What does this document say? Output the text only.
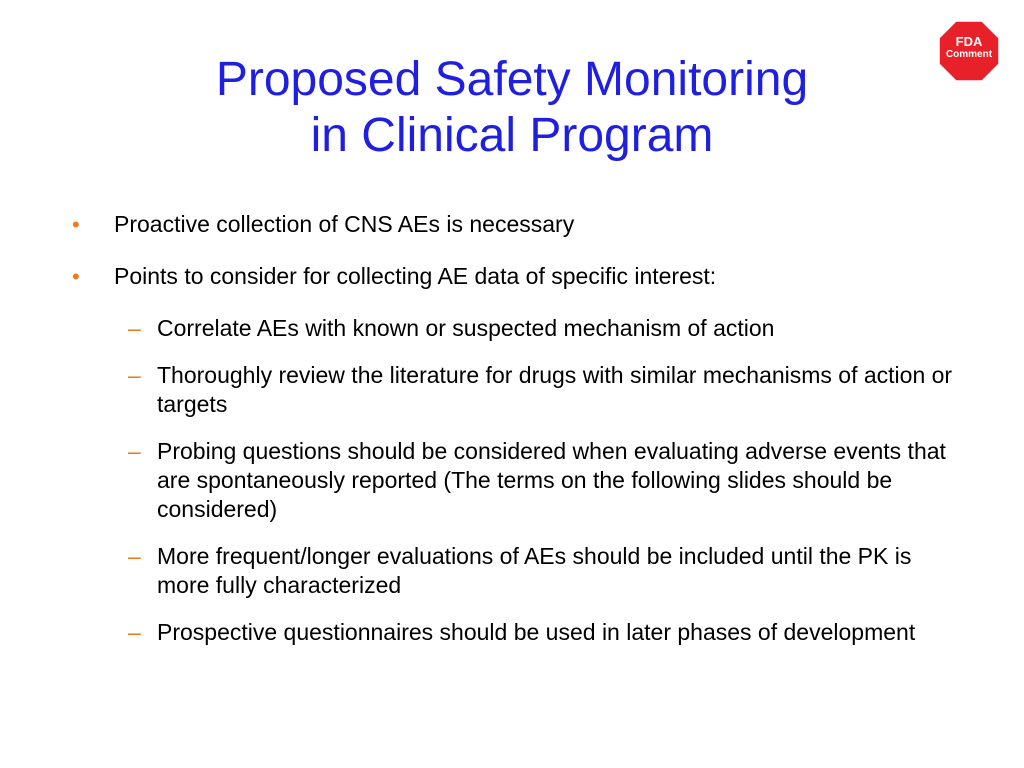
Proposed Safety Monitoring
in Clinical Program
FDA
Comment
• Proactive collection of CNS AEs is necessary
• Points to consider for collecting AE data of specific interest:
– Correlate AEs with known or suspected mechanism of action
– Thoroughly review the literature for drugs with similar mechanisms of action or targets
– Probing questions should be considered when evaluating adverse events that are spontaneously reported (The terms on the following slides should be considered)
– More frequent/longer evaluations of AEs should be included until the PK is more fully characterized
– Prospective questionnaires should be used in later phases of development
